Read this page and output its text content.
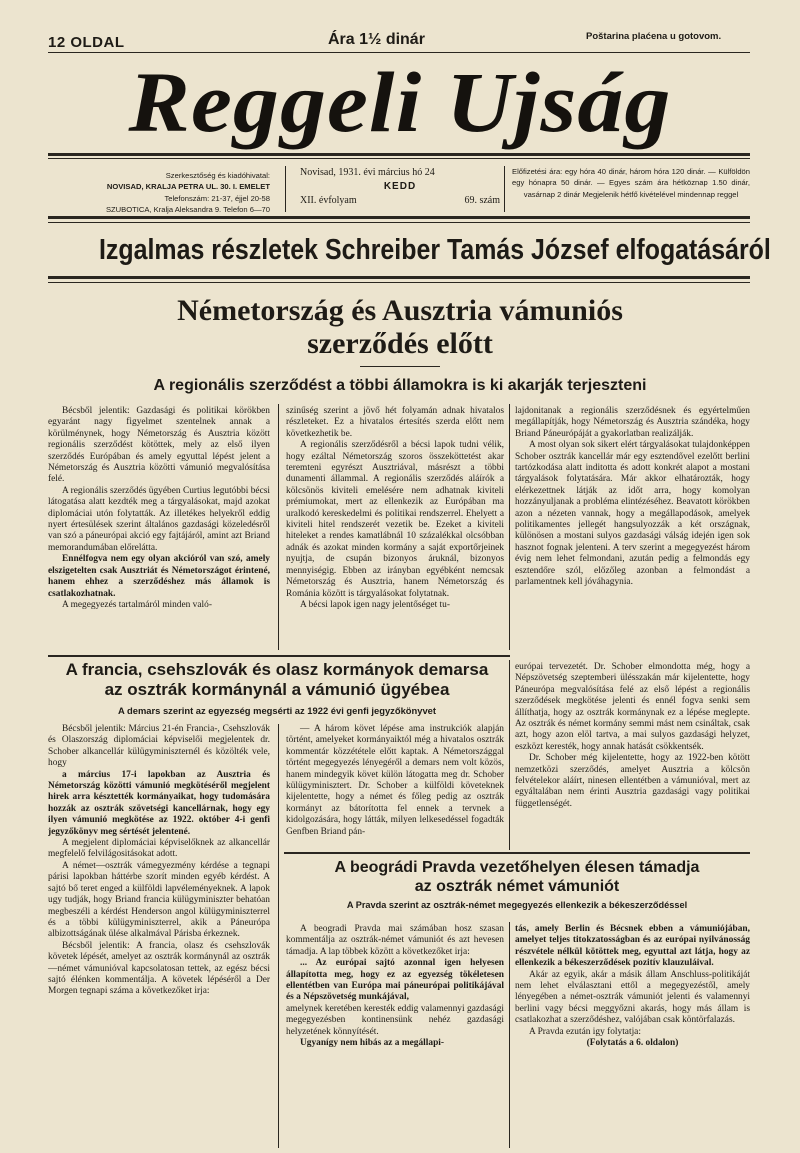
12 OLDAL	Ára 1½ dinár	Poštarina plaćena u gotovom.
Reggeli Ujság
Szerkesztőség és kiadóhivatal:
NOVISAD, KRALJA PETRA UL. 30. I. EMELET
Telefonszám: 21-37, éjjel 20-58
SZUBOTICA, Kralja Aleksandra 9. Telefon 6—70
Novisad, 1931. évi március hó 24
KEDD
XII. évfolyam	69. szám
Előfizetési ára: egy hóra 40 dinár, három hóra 120 dinár. — Külföldön egy hónapra 50 dinár. — Egyes szám ára hétköznap 1.50 dinár, vasárnap 2 dinár Megjelenik hétfő kivételével mindennap reggel
Izgalmas részletek Schreiber Tamás József elfogatásáról
Németország és Ausztria vámuniós
szerződés előtt
A regionális szerződést a többi államokra is ki akarják terjeszteni

Bécsből jelentik: Gazdasági és politikai körökben egyaránt nagy figyelmet szentelnek annak a körülménynek, hogy Németország és Ausztria között regionális szerződést kötöttek, mely az első ilyen szerződés Európában és amely egyuttal lépést jelent a Németország és Ausztria közötti vámunió megvalósítása felé.

A regionális szerződés ügyében Curtius legutóbbi bécsi látogatása alatt kezdték meg a tárgyalásokat, majd azokat diplomáciai utón folytatták. Az illetékes helyekről eddig nyert értesülések szerint általános gazdasági közeledésről van szó a páneurópai akció egy fajtájáról, amint azt Briand memorandumában előrelátta.

Ennélfogva nem egy olyan akcióról van szó, amely elszigetelten csak Ausztriát és Németországot érintené, hanem ehhez a szerződéshez más államok is csatlakozhatnak.

A megegyezés tartalmáról minden való-

szinűség szerint a jövő hét folyamán adnak hivatalos részleteket. Ez a hivatalos értesítés szerda előtt nem következhetik be.

A regionális szerződésről a bécsi lapok tudni vélik, hogy ezáltal Németország szoros összeköttetést akar teremteni egyrészt Ausztriával, másrészt a többi dunamenti állammal. A regionális szerződés aláírók a kölcsönös kiviteli emelésére nem adhatnak kiviteli prémiumokat, mert az ellenkezik az Európában ma uralkodó kereskedelmi és politikai rendszerrel. Ehelyett a kiviteli hitel rendszerét vezetik be. Ezeket a kiviteli hiteleket a rendes kamatlábnál 10 százalékkal olcsóbban adnák és azokat minden kormány a saját exportőrjeinek nyujtja, de csupán bizonyos áruknál, bizonyos mennyiségig. Ebben az irányban egyébként nemcsak Németország és Ausztria, hanem Németország és Románia között is tárgyalásokat folytatnak.

A bécsi lapok igen nagy jelentőséget tu-

lajdonitanak a regionális szerződésnek és egyértelműen megállapítják, hogy Németország és Ausztria szándéka, hogy Briand Páneurópáját a gyakorlatban realizálják.

A most olyan sok sikert elért tárgyalásokat tulajdonképpen Schober osztrák kancellár már egy esztendővel ezelőtt berlini tartózkodása alatt inditotta és adott konkrét alapot a mostani tárgyalások folytatására. Már akkor elhatározták, hogy elérkezettnek látják az időt arra, hogy komolyan hozzányuljanak a probléma elintézéséhez. Beavatott körökben azon a nézeten vannak, hogy a megállapodások, amelyek politikamentes jellegét hangsulyozzák a két országnak, különösen a mostani sulyos gazdasági válság idején igen sok hasznot fognak jelenteni. A terv szerint a megegyezést három évig nem lehet felmondani, azután pedig a felmondás egy esztendőre szól, előzőleg azonban a felmondást a parlamentnek kell jóváhagynia.

A francia, csehszlovák és olasz kormányok demarsa
az osztrák kormánynál a vámunió ügyébea
A demars szerint az egyezség megsérti az 1922 évi genfi jegyzőkönyvet

Bécsből jelentik: Március 21-én Francia-, Csehszlovák és Olaszország diplomáciai képviselői megjelentek dr. Schober alkancellár külügyminiszternél és közölték vele, hogy

a március 17-i lapokban az Ausztria és Németország közötti vámunió megkötéséről megjelent hirek arra késztették kormányaikat, hogy tudomására hozzák az osztrák szövetségi kancellárnak, hogy egy ilyen vámunió megkötése az 1922. október 4-i genfi jegyzőkönyv meg sértését jelentené.

A megjelent diplomáciai képviselőknek az alkancellár megfelelő felvilágositásokat adott.

A német—osztrák vámegyezmény kérdése a tegnapi párisi lapokban háttérbe szorít minden egyéb kérdést. A sajtó bő teret enged a külföldi lapvéleményeknek. A lapok ugy tudják, hogy Briand francia külügyminiszter behatóan megbeszéli a kérdést Henderson angol külügyminiszterrel és a többi külügyminiszterrel, akik a Páneurópa albizottságának ülése alkalmával Párisba érkeznek.

Bécsből jelentik: A francia, olasz és csehszlovák követek lépését, amelyet az osztrák kormánynál az osztrák—német vámunióval kapcsolatosan tettek, az egész bécsi sajtó élénken kommentálja. A követek lépéséről a Der Morgen tegnapi száma a következőket irja:

— A három követ lépése ama instrukciók alapján történt, amelyeket kormányaiktól még a hivatalos osztrák kommentár közzététele előtt kaptak. A Németországgal történt megegyezés lényegéről a demars nem volt közös, hanem mindegyik követ külön látogatta meg dr. Schober külügyminisztert. Dr. Schober a külföldi követeknek kijelentette, hogy a német és főleg pedig az osztrák kormányt az bátorította fel ennek a tervnek a kidolgozására, hogy látták, milyen lelkesedéssel fogadták Genfben Briand pán-

európai tervezetét. Dr. Schober elmondotta még, hogy a Népszövetség szeptemberi ülésszakán már kijelentette, hogy Páneurópa megvalósítása felé az első lépést a regionális szerződések megkötése jelenti és ennél fogva senki sem állíthatja, hogy az osztrák kormánynak ez a lépése meglepte. Az osztrák és német kormány semmi mást nem csináltak, csak azt, hogy azon elöl tartva, a mai sulyos gazdasági helyzet, eszközt keresték, hogy annak hatását csökkentsék.

Dr. Schober még kijelentette, hogy az 1922-ben kötött nemzetközi szerződés, amelyet Ausztria a kölcsön felvételekor aláírt, ninesen ellentétben a vámunióval, mert az egyáltalában nem érinti Ausztria gazdasági vagy politikai függetlenségét.

A beográdi Pravda vezetőhelyen élesen támadja
az osztrák német vámuniót
A Pravda szerint az osztrák-német megegyezés ellenkezik a békeszerződéssel

A beogradi Pravda mai számában hosz szasan kommentálja az osztrák-német vámuniót és azt hevesen támadja. A lap többek között a következőket irja:

... Az európai sajtó azonnal igen helyesen állapította meg, hogy ez az egyezség tökéletesen ellentétben van Európa mai páneurópai politikájával és a Népszövetség munkájával,

amelynek keretében keresték eddig valamennyi gazdasági megegyezésben kontinensünk nehéz gazdasági helyzetének könnyítését.

Ugyanígy nem hibás az a megállapi-

tás, amely Berlin és Bécsnek ebben a vámuniójában, amelyet teljes titokzatosságban és az európai nyilvánosság részvétele nélkül kötöttek meg, egyuttal azt látja, hogy az ellenkezik a békeszerződések pozitív klauzuláival.

Akár az egyik, akár a másik állam Anschluss-politikáját nem lehet elválasztani ettől a megegyezéstől, amely lényegében a német-osztrák vámuniót jelenti és valamennyi berlini vagy bécsi meggyőzni akarás, hogy más állam is csatlakozhat a szerződéshez, valójában csak köntörfalazás.

A Pravda ezután igy folytatja:

(Folytatás a 6. oldalon)
